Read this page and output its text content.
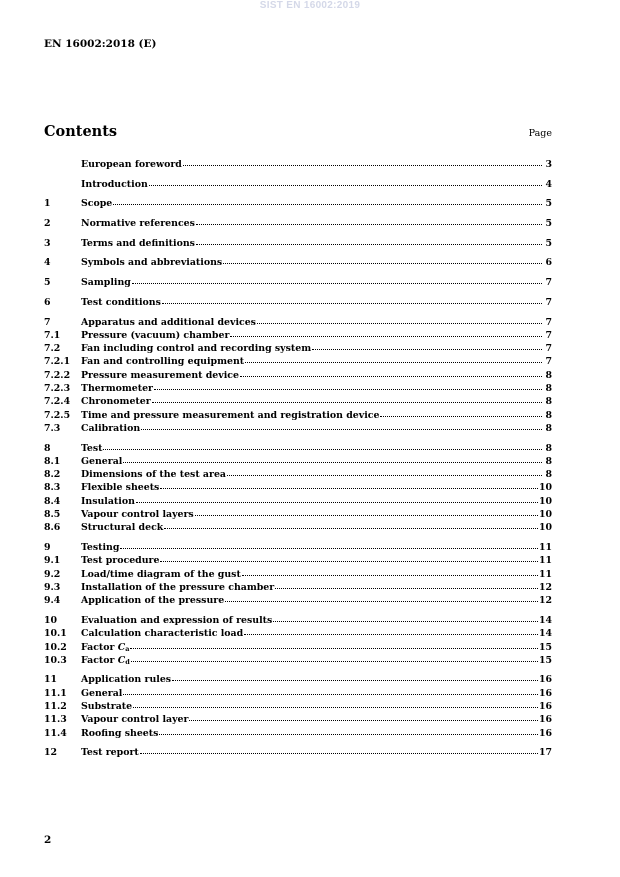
SIST EN 16002:2019
EN 16002:2018 (E)
Contents	Page
European foreword	3
Introduction	4
1	Scope	5
2	Normative references	5
3	Terms and definitions	5
4	Symbols and abbreviations	6
5	Sampling	7
6	Test conditions	7
7	Apparatus and additional devices	7
7.1	Pressure (vacuum) chamber	7
7.2	Fan including control and recording system	7
7.2.1	Fan and controlling equipment	7
7.2.2	Pressure measurement device	8
7.2.3	Thermometer	8
7.2.4	Chronometer	8
7.2.5	Time and pressure measurement and registration device	8
7.3	Calibration	8
8	Test	8
8.1	General	8
8.2	Dimensions of the test area	8
8.3	Flexible sheets	10
8.4	Insulation	10
8.5	Vapour control layers	10
8.6	Structural deck	10
9	Testing	11
9.1	Test procedure	11
9.2	Load/time diagram of the gust	11
9.3	Installation of the pressure chamber	12
9.4	Application of the pressure	12
10	Evaluation and expression of results	14
10.1	Calculation characteristic load	14
10.2	Factor $C_a$	15
10.3	Factor $C_d$	15
11	Application rules	16
11.1	General	16
11.2	Substrate	16
11.3	Vapour control layer	16
11.4	Roofing sheets	16
12	Test report	17
2
